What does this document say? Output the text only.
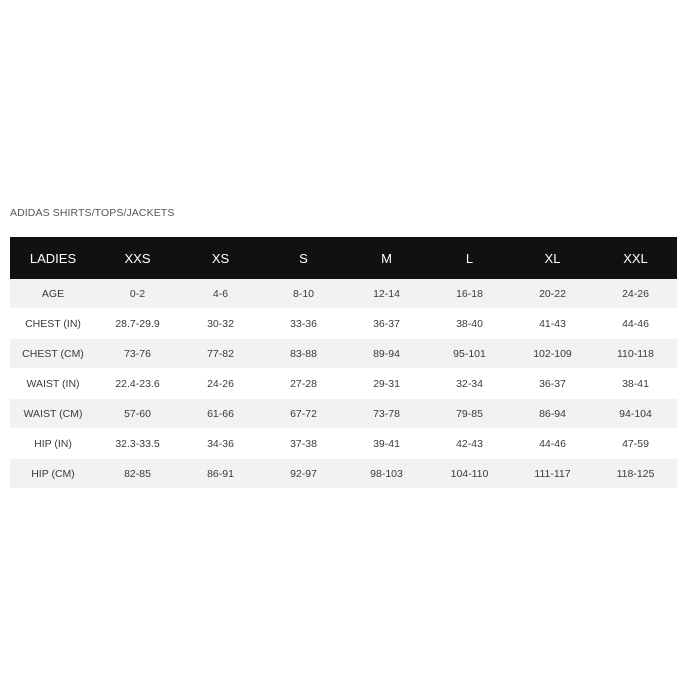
ADIDAS SHIRTS/TOPS/JACKETS
LADIES	XXS	XS	S	M	L	XL	XXL
AGE	0-2	4-6	8-10	12-14	16-18	20-22	24-26
CHEST (IN)	28.7-29.9	30-32	33-36	36-37	38-40	41-43	44-46
CHEST (CM)	73-76	77-82	83-88	89-94	95-101	102-109	110-118
WAIST (IN)	22.4-23.6	24-26	27-28	29-31	32-34	36-37	38-41
WAIST (CM)	57-60	61-66	67-72	73-78	79-85	86-94	94-104
HIP (IN)	32.3-33.5	34-36	37-38	39-41	42-43	44-46	47-59
HIP (CM)	82-85	86-91	92-97	98-103	104-110	111-117	118-125
